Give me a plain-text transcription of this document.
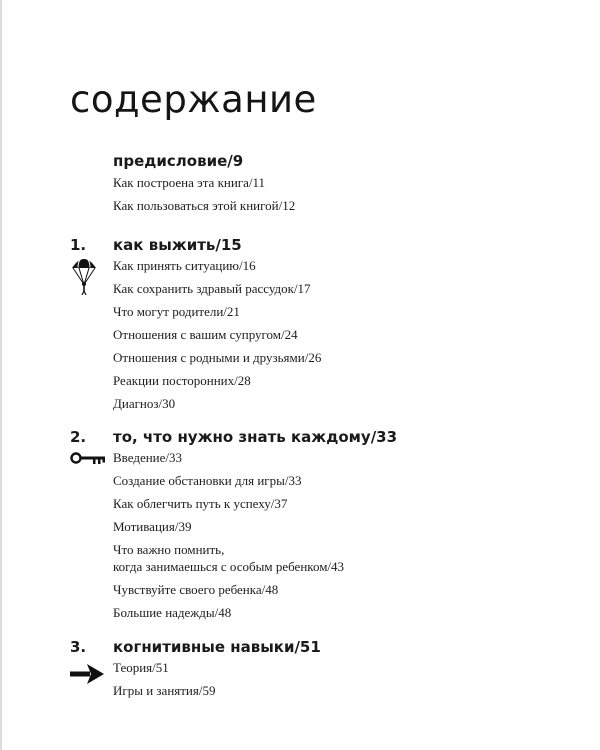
содержание
предисловие/9
Как построена эта книга/11
Как пользоваться этой книгой/12
1. как выжить/15
Как принять ситуацию/16
Как сохранить здравый рассудок/17
Что могут родители/21
Отношения с вашим супругом/24
Отношения с родными и друзьями/26
Реакции посторонних/28
Диагноз/30
2. то, что нужно знать каждому/33
Введение/33
Создание обстановки для игры/33
Как облегчить путь к успеху/37
Мотивация/39
Что важно помнить,
когда занимаешься с особым ребенком/43
Чувствуйте своего ребенка/48
Большие надежды/48
3. когнитивные навыки/51
Теория/51
Игры и занятия/59
